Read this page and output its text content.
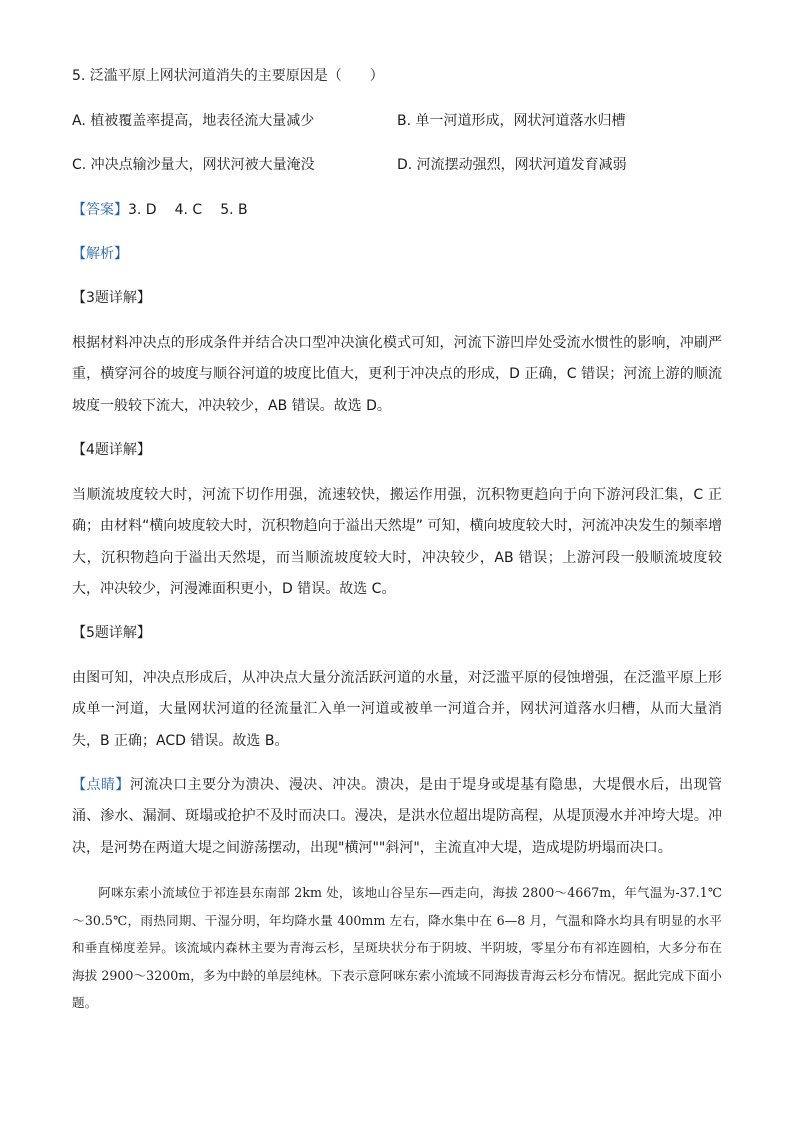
5. 泛滥平原上网状河道消失的主要原因是（　　）
A. 植被覆盖率提高，地表径流大量减少	B. 单一河道形成，网状河道落水归槽
C. 冲决点输沙量大，网状河被大量淹没	D. 河流摆动强烈，网状河道发育减弱
【答案】3. D 4. C 5. B
【解析】
【3题详解】

根据材料冲决点的形成条件并结合决口型冲决演化模式可知，河流下游凹岸处受流水惯性的影响，冲刷严重，横穿河谷的坡度与顺谷河道的坡度比值大，更利于冲决点的形成，D 正确，C 错误；河流上游的顺流坡度一般较下流大，冲决较少，AB 错误。故选 D。

【4题详解】

当顺流坡度较大时，河流下切作用强，流速较快，搬运作用强，沉积物更趋向于向下游河段汇集，C 正确；由材料“横向坡度较大时，沉积物趋向于溢出天然堤” 可知，横向坡度较大时，河流冲决发生的频率增大，沉积物趋向于溢出天然堤，而当顺流坡度较大时，冲决较少，AB 错误；上游河段一般顺流坡度较大，冲决较少，河漫滩面积更小，D 错误。故选 C。

【5题详解】

由图可知，冲决点形成后，从冲决点大量分流活跃河道的水量，对泛滥平原的侵蚀增强，在泛滥平原上形成单一河道，大量网状河道的径流量汇入单一河道或被单一河道合并，网状河道落水归槽，从而大量消失，B 正确；ACD 错误。故选 B。

【点睛】河流决口主要分为溃决、漫决、冲决。溃决，是由于堤身或堤基有隐患，大堤偎水后，出现管涌、渗水、漏洞、斑塌或抢护不及时而决口。漫决，是洪水位超出堤防高程，从堤顶漫水并冲垮大堤。冲决，是河势在两道大堤之间游荡摆动，出现"横河""斜河"，主流直冲大堤，造成堤防坍塌而决口。

阿咪东索小流域位于祁连县东南部 2km 处，该地山谷呈东—西走向，海拔 2800～4667m，年气温为-37.1℃～30.5℃，雨热同期、干湿分明，年均降水量 400mm 左右，降水集中在 6—8 月，气温和降水均具有明显的水平和垂直梯度差异。该流域内森林主要为青海云杉，呈斑块状分布于阴坡、半阴坡，零星分布有祁连圆柏，大多分布在海拔 2900～3200m，多为中龄的单层纯林。下表示意阿咪东索小流域不同海拔青海云杉分布情况。据此完成下面小题。
